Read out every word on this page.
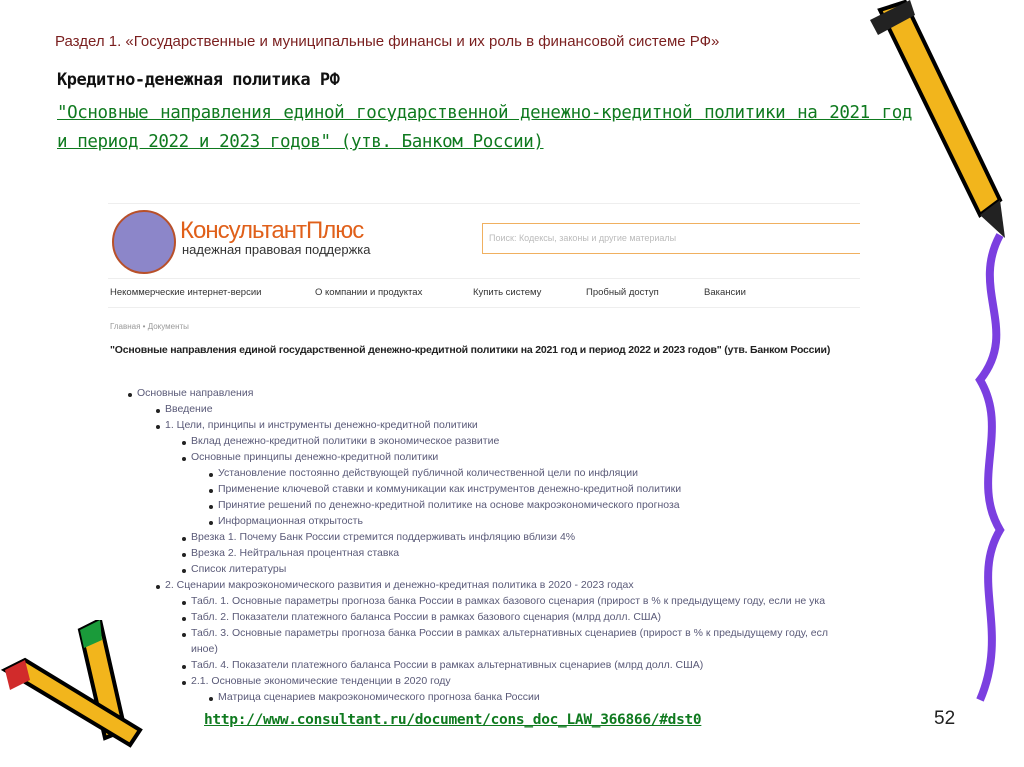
Раздел 1. «Государственные и муниципальные финансы и их роль в финансовой системе РФ»
Кредитно-денежная политика РФ
"Основные направления единой государственной денежно-кредитной политики на 2021 год и период 2022 и 2023 годов" (утв. Банком России)
КонсультантПлюс
надежная правовая поддержка
Поиск: Кодексы, законы и другие материалы
Некоммерческие интернет-версии	О компании и продуктах	Купить систему	Пробный доступ	Вакансии
Главная • Документы
"Основные направления единой государственной денежно-кредитной политики на 2021 год и период 2022 и 2023 годов" (утв. Банком России)
Основные направления
Введение
1. Цели, принципы и инструменты денежно-кредитной политики
Вклад денежно-кредитной политики в экономическое развитие
Основные принципы денежно-кредитной политики
Установление постоянно действующей публичной количественной цели по инфляции
Применение ключевой ставки и коммуникации как инструментов денежно-кредитной политики
Принятие решений по денежно-кредитной политике на основе макроэкономического прогноза
Информационная открытость
Врезка 1. Почему Банк России стремится поддерживать инфляцию вблизи 4%
Врезка 2. Нейтральная процентная ставка
Список литературы
2. Сценарии макроэкономического развития и денежно-кредитная политика в 2020 - 2023 годах
Табл. 1. Основные параметры прогноза банка России в рамках базового сценария (прирост в % к предыдущему году, если не ука
Табл. 2. Показатели платежного баланса России в рамках базового сценария (млрд долл. США)
Табл. 3. Основные параметры прогноза банка России в рамках альтернативных сценариев (прирост в % к предыдущему году, есл
иное)
Табл. 4. Показатели платежного баланса России в рамках альтернативных сценариев (млрд долл. США)
2.1. Основные экономические тенденции в 2020 году
Матрица сценариев макроэкономического прогноза банка России
http://www.consultant.ru/document/cons_doc_LAW_366866/#dst0	52
